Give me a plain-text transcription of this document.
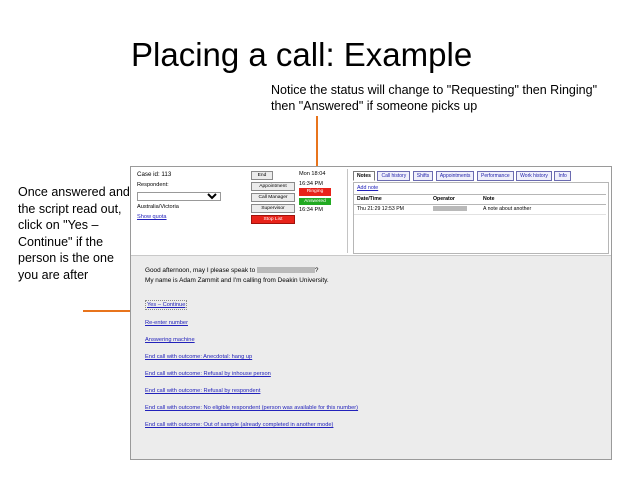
Placing a call: Example
Notice the status will change to "Requesting" then Ringing" then "Answered" if someone picks up
Once answered and the script read out, click on "Yes – Continue" if the person is the one you are after
Case id: 113
Respondent:
Australia/Victoria
Show quota
End
Appointment
Call Manager
Supervisor
Stop List
Mon 18:04
16:34 PM
Ringing
Answered
16:34 PM
Notes Call history Shifts Appointments Performance Work history Info
Add note
Date/Time	Operator	Note
Thu 21:29 12:53 PM		A note about another
Good afternoon, may I please speak to	?
My name is Adam Zammit and I'm calling from Deakin University.
Yes – Continue
Re-enter number
Answering machine
End call with outcome: Anecdotal: hang up
End call with outcome: Refusal by inhouse person
End call with outcome: Refusal by respondent
End call with outcome: No eligible respondent (person was available for this number)
End call with outcome: Out of sample (already completed in another mode)
